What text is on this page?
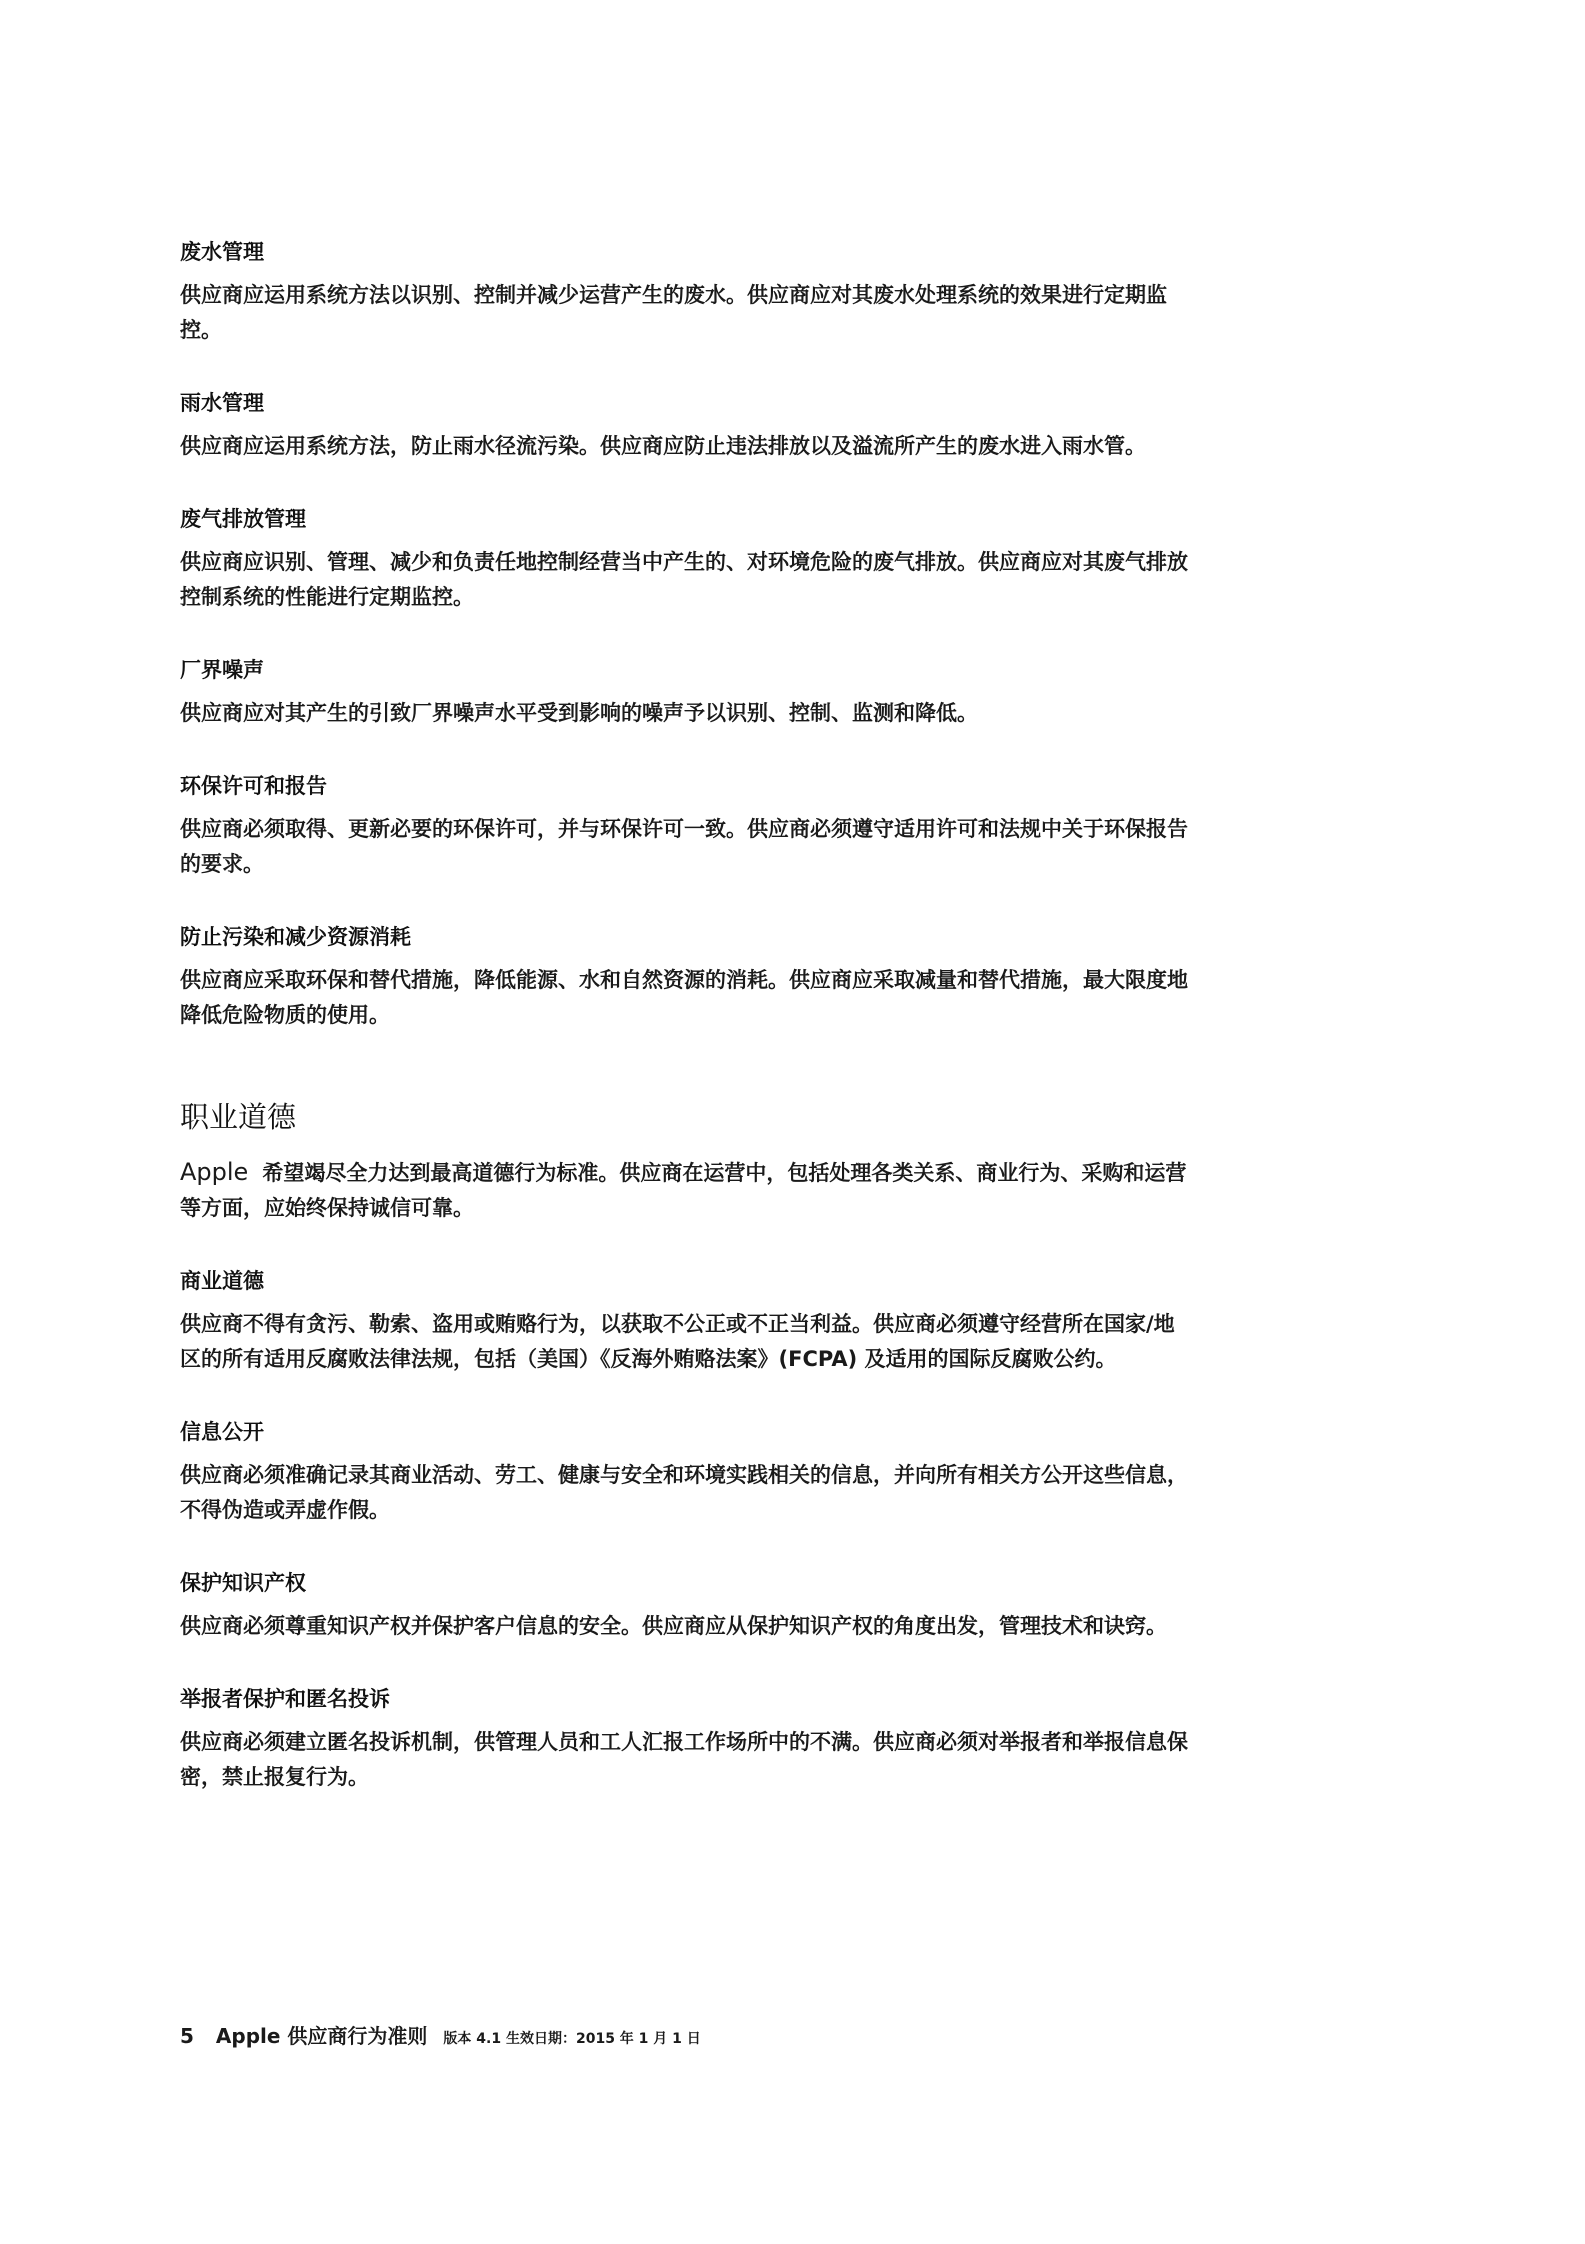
废水管理

供应商应运用系统方法以识别、控制并减少运营产生的废水。供应商应对其废水处理系统的效果进行定期监控。

雨水管理

供应商应运用系统方法，防止雨水径流污染。供应商应防止违法排放以及溢流所产生的废水进入雨水管。

废气排放管理

供应商应识别、管理、减少和负责任地控制经营当中产生的、对环境危险的废气排放。供应商应对其废气排放控制系统的性能进行定期监控。

厂界噪声

供应商应对其产生的引致厂界噪声水平受到影响的噪声予以识别、控制、监测和降低。

环保许可和报告

供应商必须取得、更新必要的环保许可，并与环保许可一致。供应商必须遵守适用许可和法规中关于环保报告的要求。

防止污染和减少资源消耗

供应商应采取环保和替代措施，降低能源、水和自然资源的消耗。供应商应采取减量和替代措施，最大限度地降低危险物质的使用。

职业道德

Apple 希望竭尽全力达到最高道德行为标准。供应商在运营中，包括处理各类关系、商业行为、采购和运营等方面，应始终保持诚信可靠。

商业道德

供应商不得有贪污、勒索、盗用或贿赂行为，以获取不公正或不正当利益。供应商必须遵守经营所在国家/地区的所有适用反腐败法律法规，包括（美国）《反海外贿赂法案》(FCPA) 及适用的国际反腐败公约。

信息公开

供应商必须准确记录其商业活动、劳工、健康与安全和环境实践相关的信息，并向所有相关方公开这些信息，不得伪造或弄虚作假。

保护知识产权

供应商必须尊重知识产权并保护客户信息的安全。供应商应从保护知识产权的角度出发，管理技术和诀窍。

举报者保护和匿名投诉

供应商必须建立匿名投诉机制，供管理人员和工人汇报工作场所中的不满。供应商必须对举报者和举报信息保密，禁止报复行为。

5 Apple 供应商行为准则 版本 4.1 生效日期：2015 年 1 月 1 日
